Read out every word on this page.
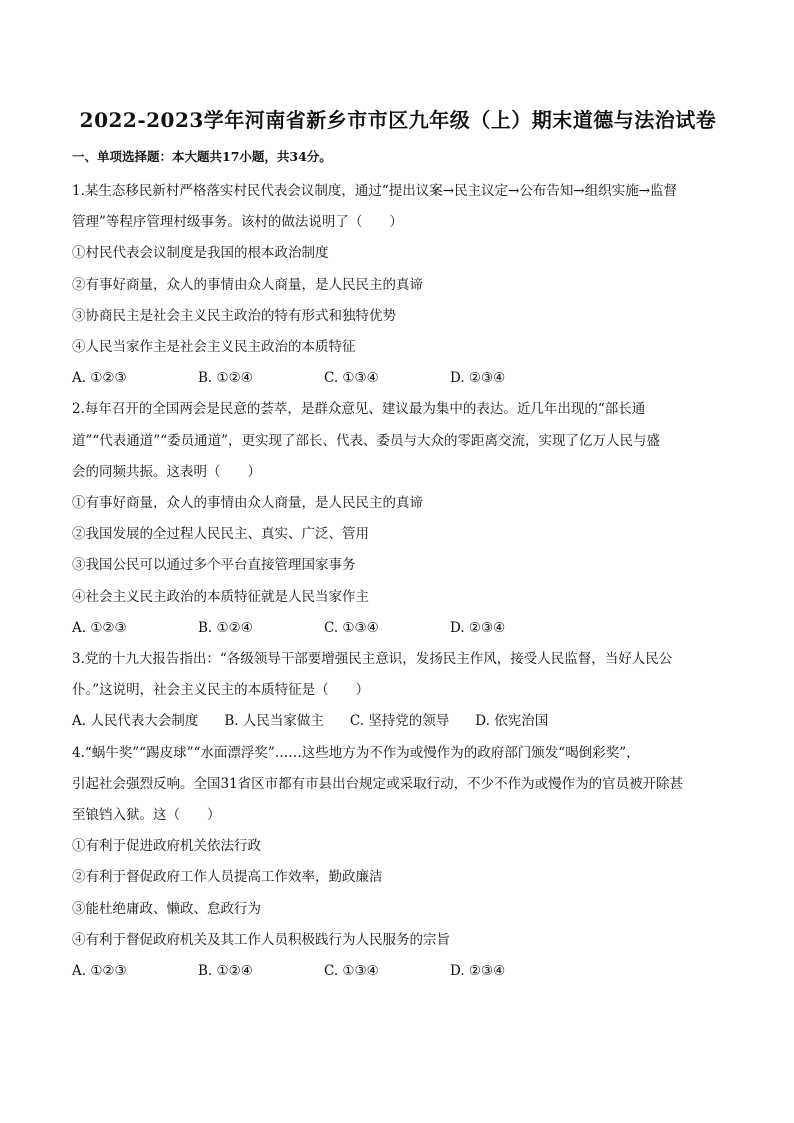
2022-2023学年河南省新乡市市区九年级（上）期末道德与法治试卷
一、单项选择题：本大题共17小题，共34分。
1.某生态移民新村严格落实村民代表会议制度，通过“提出议案→民主议定→公布告知→组织实施→监督
管理”等程序管理村级事务。该村的做法说明了（　　）
①村民代表会议制度是我国的根本政治制度
②有事好商量，众人的事情由众人商量，是人民民主的真谛
③协商民主是社会主义民主政治的特有形式和独特优势
④人民当家作主是社会主义民主政治的本质特征
A. ①②③	B. ①②④	C. ①③④	D. ②③④
2.每年召开的全国两会是民意的荟萃，是群众意见、建议最为集中的表达。近几年出现的“部长通
道”“代表通道”“委员通道”，更实现了部长、代表、委员与大众的零距离交流，实现了亿万人民与盛
会的同频共振。这表明（　　）
①有事好商量，众人的事情由众人商量，是人民民主的真谛
②我国发展的全过程人民民主、真实、广泛、管用
③我国公民可以通过多个平台直接管理国家事务
④社会主义民主政治的本质特征就是人民当家作主
A. ①②③	B. ①②④	C. ①③④	D. ②③④
3.党的十九大报告指出：“各级领导干部要增强民主意识，发扬民主作风，接受人民监督，当好人民公
仆。”这说明，社会主义民主的本质特征是（　　）
A. 人民代表大会制度 B. 人民当家做主 C. 坚持党的领导 D. 依宪治国
4.“蜗牛奖”“踢皮球”“水面漂浮奖”……这些地方为不作为或慢作为的政府部门颁发“喝倒彩奖”，
引起社会强烈反响。全国31省区市都有市县出台规定或采取行动，不少不作为或慢作为的官员被开除甚
至锒铛入狱。这（　　）
①有利于促进政府机关依法行政
②有利于督促政府工作人员提高工作效率，勤政廉洁
③能杜绝庸政、懒政、怠政行为
④有利于督促政府机关及其工作人员积极践行为人民服务的宗旨
A. ①②③	B. ①②④	C. ①③④	D. ②③④
